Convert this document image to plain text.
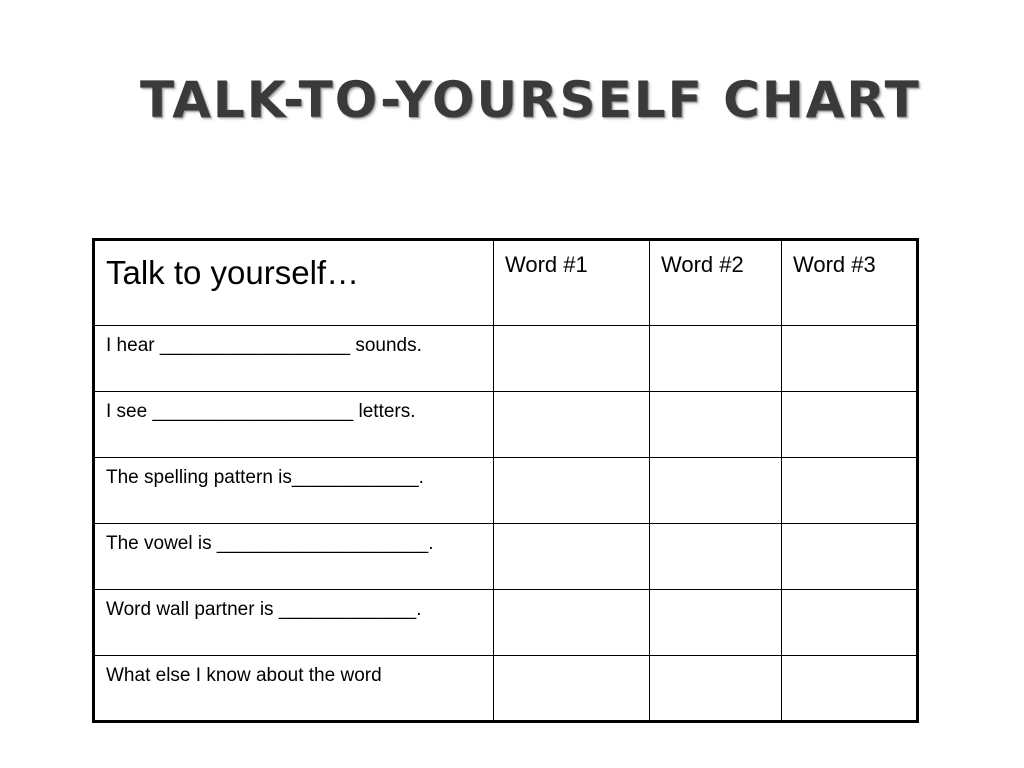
TALK-TO-YOURSELF CHART
Talk to yourself…	Word #1	Word #2	Word #3

I hear __________________ sounds.			

I see ___________________ letters.			

The spelling pattern is____________.			

The vowel is ____________________.			

Word wall partner is _____________.			

What else I know about the word			
